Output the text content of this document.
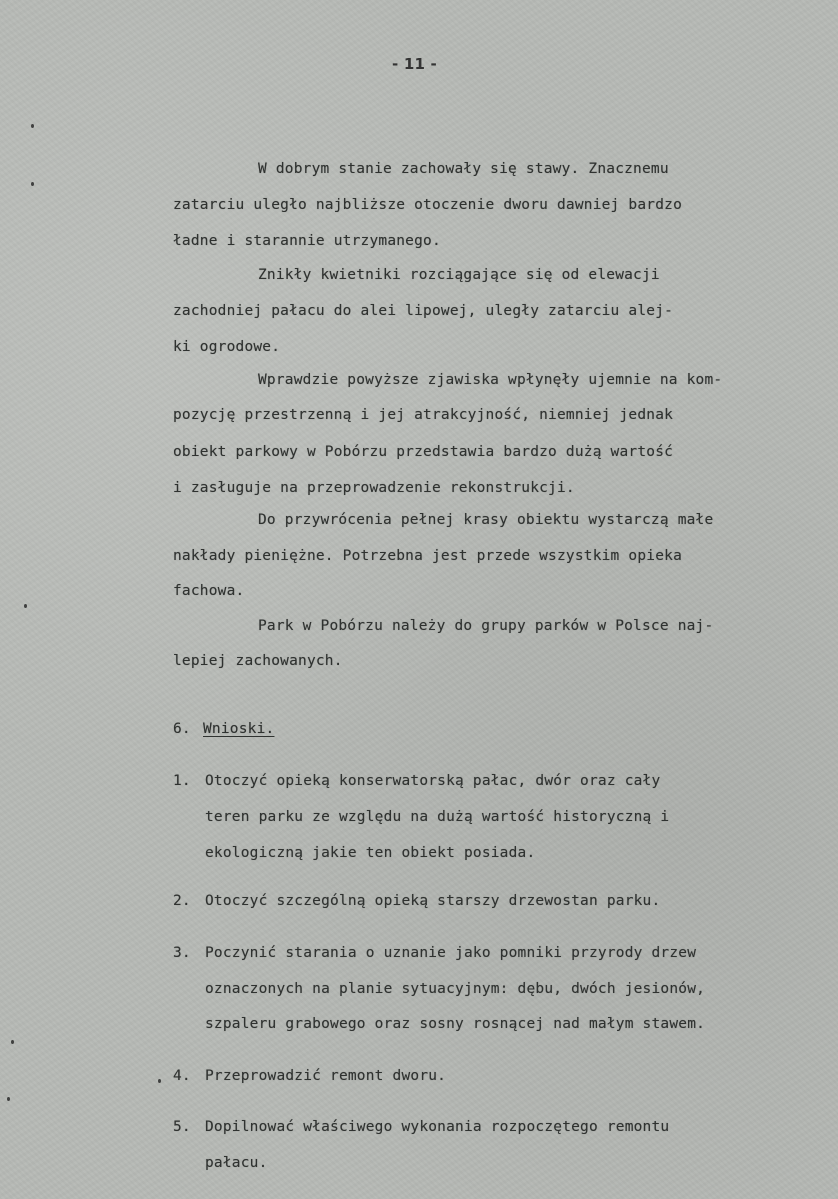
- 11 -
W dobrym stanie zachowały się stawy. Znacznemu
zatarciu uległo najbliższe otoczenie dworu dawniej bardzo
ładne i starannie utrzymanego.
Znikły kwietniki rozciągające się od elewacji
zachodniej pałacu do alei lipowej, uległy zatarciu alej-
ki ogrodowe.
Wprawdzie powyższe zjawiska wpłynęły ujemnie na kom-
pozycję przestrzenną i jej atrakcyjność, niemniej jednak
obiekt parkowy w Pobórzu przedstawia bardzo dużą wartość
i zasługuje na przeprowadzenie rekonstrukcji.
Do przywrócenia pełnej krasy obiektu wystarczą małe
nakłady pieniężne. Potrzebna jest przede wszystkim opieka
fachowa.
Park w Pobórzu należy do grupy parków w Polsce naj-
lepiej zachowanych.
6. Wnioski.
1. Otoczyć opieką konserwatorską pałac, dwór oraz cały
teren parku ze względu na dużą wartość historyczną i
ekologiczną jakie ten obiekt posiada.
2. Otoczyć szczególną opieką starszy drzewostan parku.
3. Poczynić starania o uznanie jako pomniki przyrody drzew
oznaczonych na planie sytuacyjnym: dębu, dwóch jesionów,
szpaleru grabowego oraz sosny rosnącej nad małym stawem.
4. Przeprowadzić remont dworu.
5. Dopilnować właściwego wykonania rozpoczętego remontu
pałacu.
